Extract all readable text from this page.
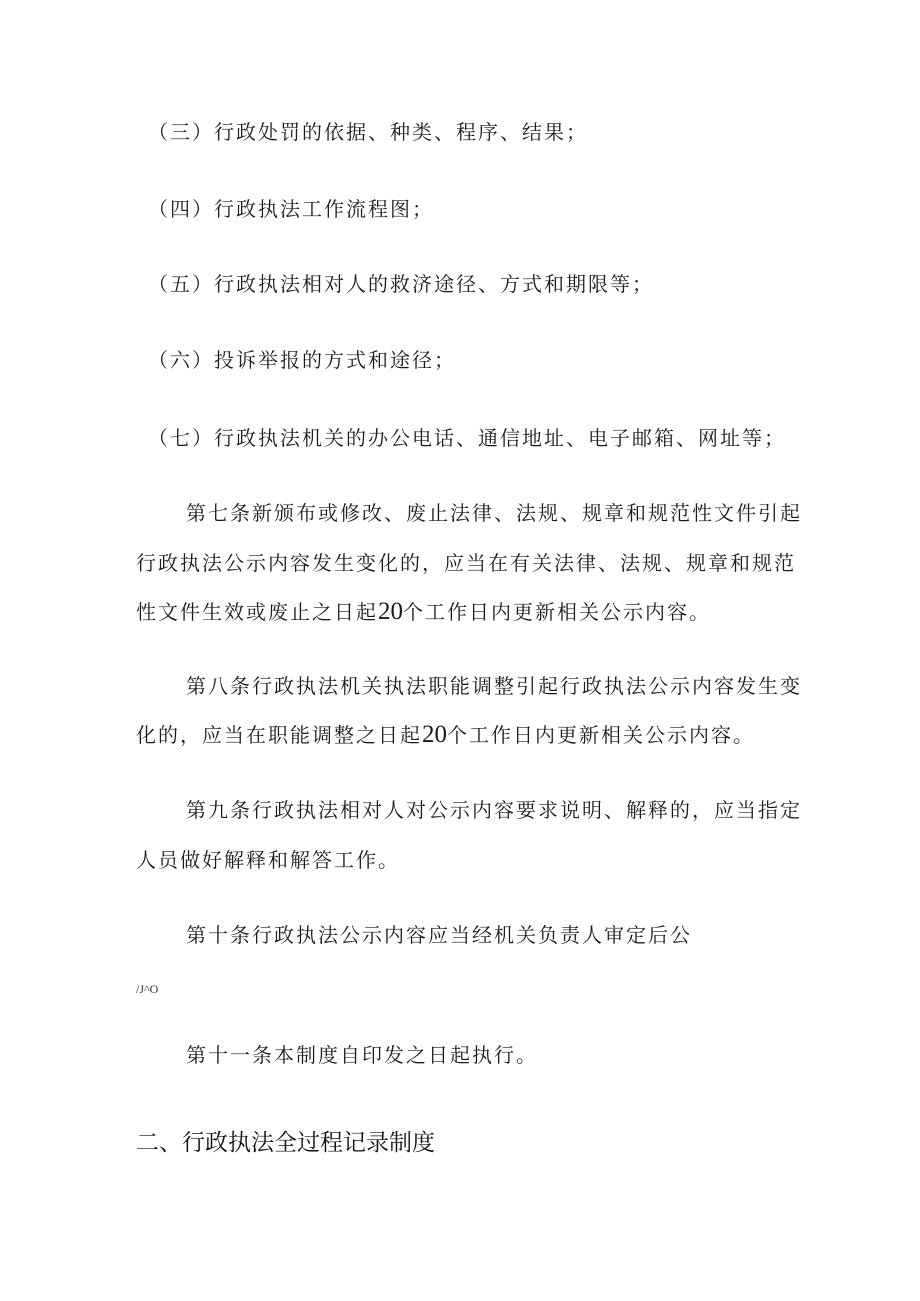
（三）行政处罚的依据、种类、程序、结果；

（四）行政执法工作流程图；

（五）行政执法相对人的救济途径、方式和期限等；

（六）投诉举报的方式和途径；

（七）行政执法机关的办公电话、通信地址、电子邮箱、网址等；

第七条新颁布或修改、废止法律、法规、规章和规范性文件引起

行政执法公示内容发生变化的，应当在有关法律、法规、规章和规范

性文件生效或废止之日起20个工作日内更新相关公示内容。

第八条行政执法机关执法职能调整引起行政执法公示内容发生变

化的，应当在职能调整之日起20个工作日内更新相关公示内容。

第九条行政执法相对人对公示内容要求说明、解释的，应当指定

人员做好解释和解答工作。

第十条行政执法公示内容应当经机关负责人审定后公

/J^O

第十一条本制度自印发之日起执行。

二、行政执法全过程记录制度
